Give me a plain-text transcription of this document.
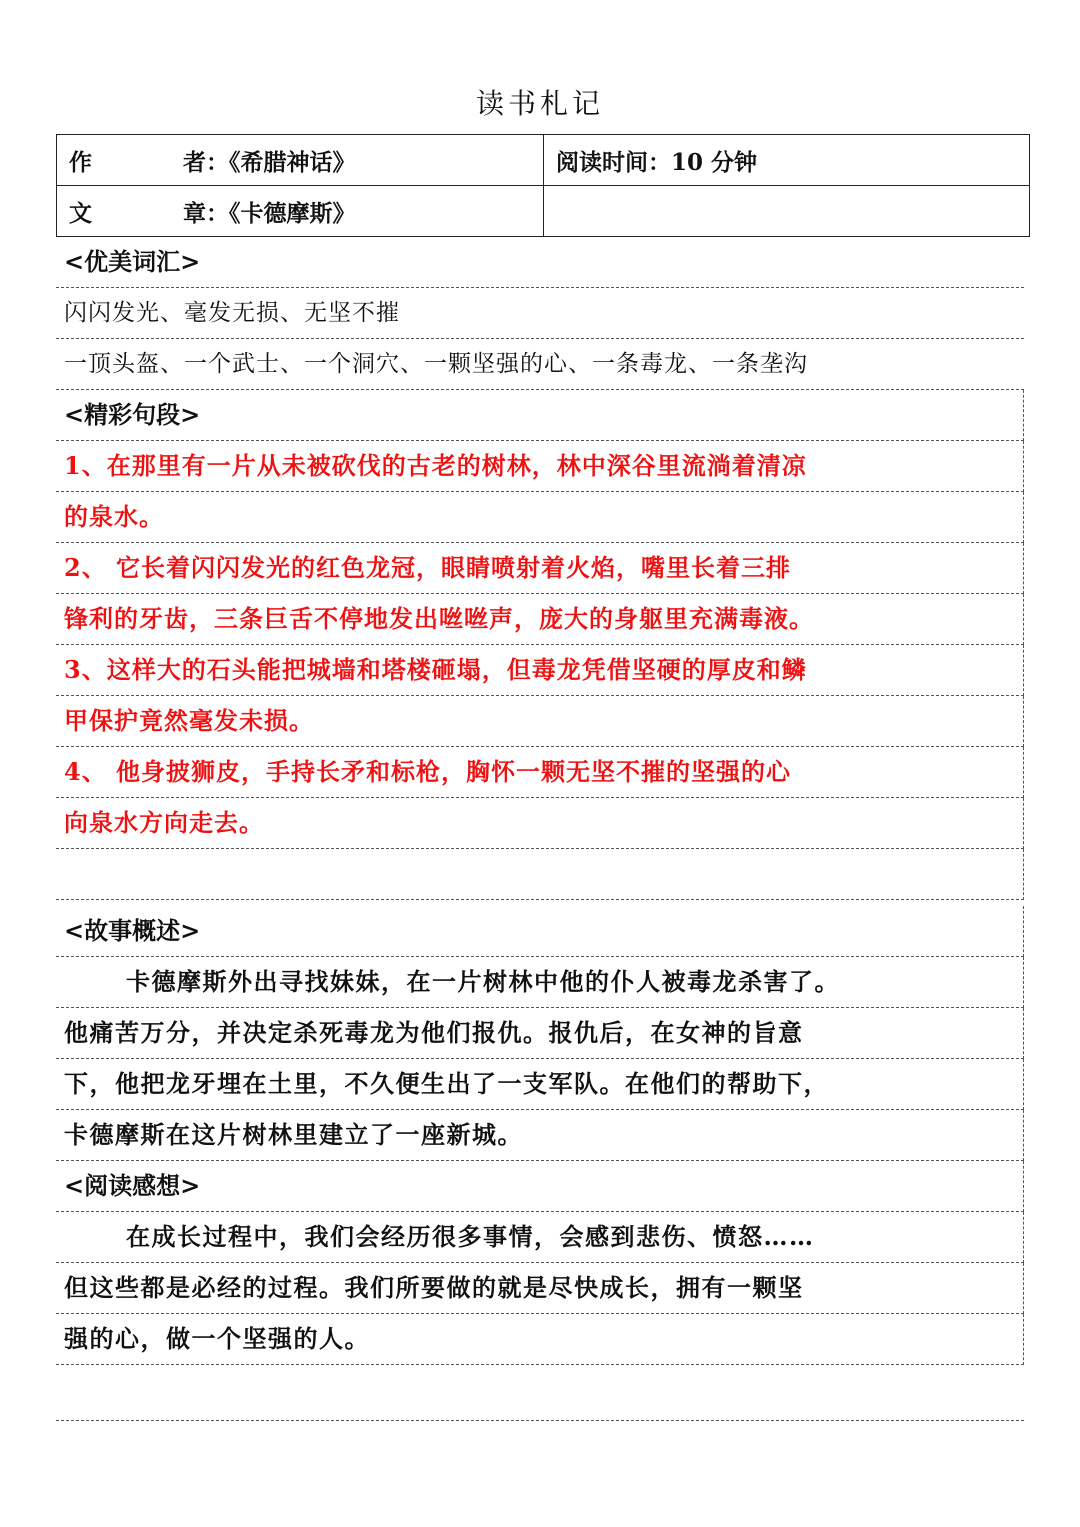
读书札记
作 者：《希腊神话》	阅读时间：10 分钟
文 章：《卡德摩斯》	
<优美词汇>
闪闪发光、毫发无损、无坚不摧
一顶头盔、一个武士、一个洞穴、一颗坚强的心、一条毒龙、一条垄沟
<精彩句段>
1、在那里有一片从未被砍伐的古老的树林，林中深谷里流淌着清凉
的泉水。
2、 它长着闪闪发光的红色龙冠，眼睛喷射着火焰，嘴里长着三排
锋利的牙齿，三条巨舌不停地发出咝咝声，庞大的身躯里充满毒液。
3、这样大的石头能把城墙和塔楼砸塌，但毒龙凭借坚硬的厚皮和鳞
甲保护竟然毫发未损。
4、 他身披狮皮，手持长矛和标枪，胸怀一颗无坚不摧的坚强的心
向泉水方向走去。
<故事概述>
卡德摩斯外出寻找妹妹，在一片树林中他的仆人被毒龙杀害了。
他痛苦万分，并决定杀死毒龙为他们报仇。报仇后，在女神的旨意
下，他把龙牙埋在土里，不久便生出了一支军队。在他们的帮助下，
卡德摩斯在这片树林里建立了一座新城。
<阅读感想>
在成长过程中，我们会经历很多事情，会感到悲伤、愤怒……
但这些都是必经的过程。我们所要做的就是尽快成长，拥有一颗坚
强的心，做一个坚强的人。
